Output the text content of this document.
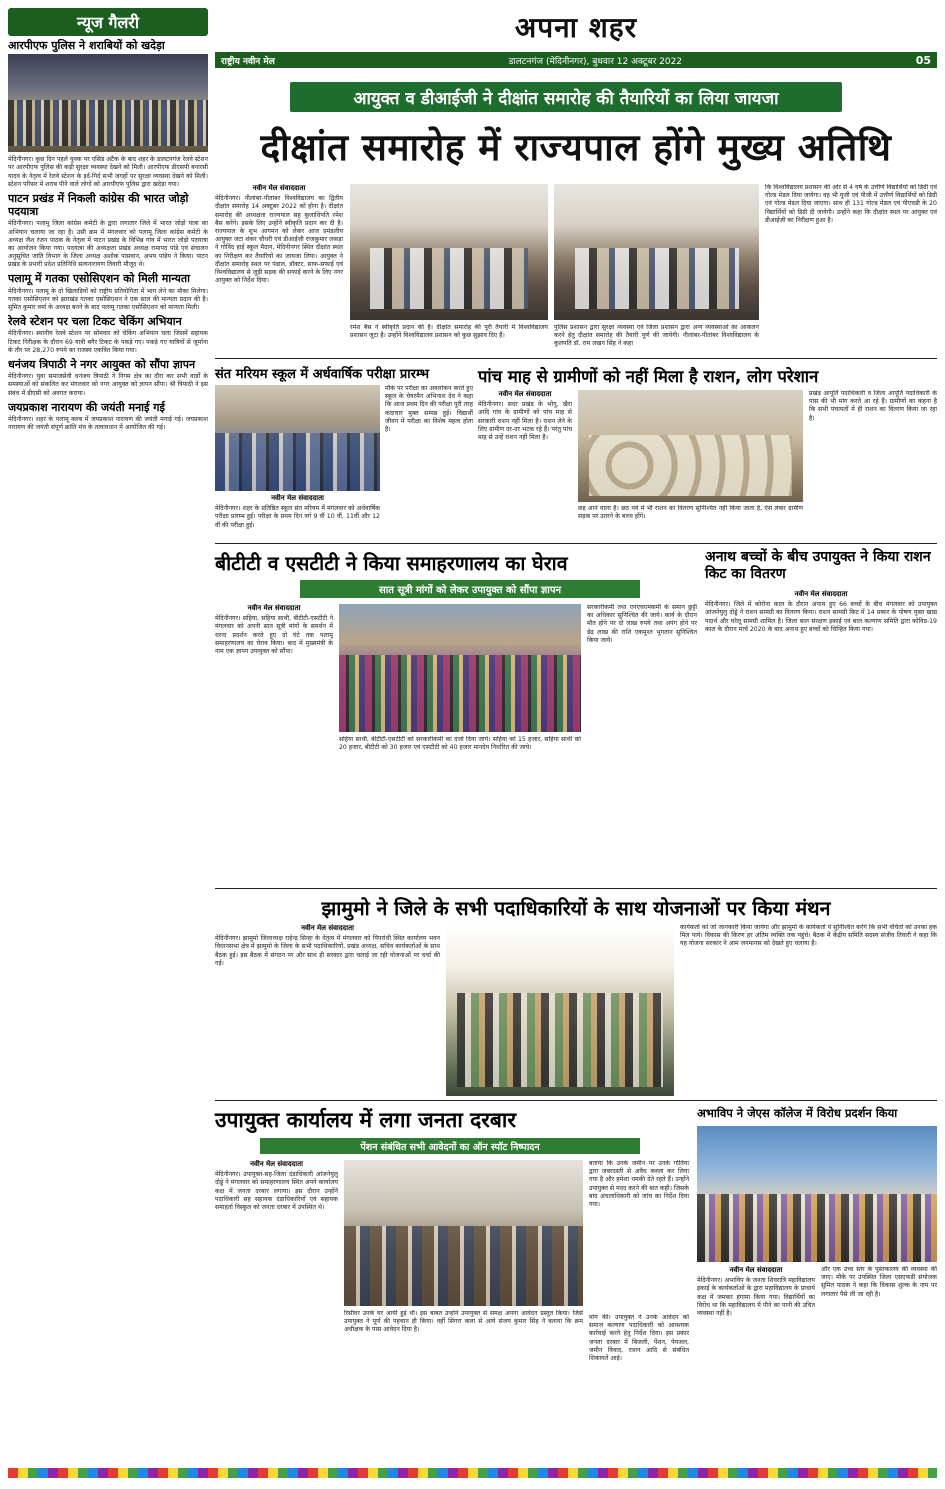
न्यूज गैलरी
आरपीएफ पुलिस ने शराबियों को खदेड़ा

मेदिनीनगर। कुछ दिन पहले युवक पर एसिड अटैक के बाद शहर के डालटनगंज रेलवे स्टेशन पर आरपीएफ पुलिस की कड़ी सुरक्षा व्यवस्था देखने को मिली। आरपीएफ डीएसपी बनारसी यादव के नेतृत्व में रेलवे स्टेशन के इर्द-गिर्द सभी जगहों पर सुरक्षा व्यवस्था देखने को मिली। स्टेशन परिसर में शराब पीने वाले लोगों को आरपीएफ पुलिस द्वारा खदेड़ा गया।

पाटन प्रखंड में निकली कांग्रेस की भारत जोड़ो पदयात्रा

मेदिनीनगर। पलामू जिला कांग्रेस कमेटी के द्वारा लगातार जिले में भारत जोड़ो यात्रा का अभियान चलाया जा रहा है। उसी क्रम में मंगलवार को पलामू जिला कांग्रेस कमेटी के अध्यक्ष जैश रंजन पाठक के नेतृत्व में पाटन प्रखंड के विभिन्न गांव में भारत जोड़ो पदयात्रा का आयोजन किया गया। पदयात्रा की अध्यक्षता प्रखंड अध्यक्ष रामापद पांडे एवं संचालन अनुसूचित जाति विभाग के जिला अध्यक्ष अशोक पासवान, अभय पांडेय ने किया। पाटन प्रखंड के प्रभारी प्रदेश प्रतिनिधि सत्यनारायण तिवारी मौजूद थे।

पलामू में गतका एसोसिएशन को मिली मान्यता

मेदिनीनगर। पलामू के दो खिलाड़ियों को राष्ट्रीय प्रतियोगिता में भाग लेने का मौका मिलेगा। गतका एसोसिएशन को झारखंड गतका एसोसिएशन ने एक साल की मान्यता प्रदान की है। सुमित कुमार वर्मा के अध्यक्ष बनने के बाद पलामू गतका एसोसिएशन को मान्यता मिली।

रेलवे स्टेशन पर चला टिकट चेकिंग अभियान

मेदिनीनगर। स्थानीय रेलवे स्टेशन पर सोमवार को चेकिंग अभियान चला जिसमें सहायक टिकट निरीक्षक के दौरान 69 यात्री बगैर टिकट के पकड़े गए। पकड़े गए यात्रियों से जुर्माना के तौर पर 28,270 रुपये का राजस्व एकत्रित किया गया।

धनंजय त्रिपाठी ने नगर आयुक्त को सौंपा ज्ञापन

मेदिनीनगर। युवा समाजसेवी धनंजय त्रिपाठी ने निगम क्षेत्र का दौरा कर सभी वार्डों के समस्याओं को संकलित कर मंगलवार को नगर आयुक्त को ज्ञापन सौंपा। श्री त्रिपाठी ने इस संबंध में डीएसी को अवगत कराया।

जयप्रकाश नारायण की जयंती मनाई गई

मेदिनीनगर। शहर के पलामू क्लब में जयप्रकाश नारायण की जयंती मनाई गई। जयप्रकाश नारायण की जयंती संपूर्ण क्रांति मंच के तत्वावधान में आयोजित की गई।

अपना शहर
राष्ट्रीय नवीन मेल	डालटनगंज (मेदिनीनगर), बुधवार 12 अक्टूबर 2022	05
आयुक्त व डीआईजी ने दीक्षांत समारोह की तैयारियों का लिया जायजा
दीक्षांत समारोह में राज्यपाल होंगे मुख्य अतिथि
नवीन मेल संवाददाता
मेदिनीनगर। नीलांबर-पीतांबर विश्वविद्यालय का द्वितीय दीक्षांत समारोह 14 अक्टूबर 2022 को होना है। दीक्षांत समारोह की अध्यक्षता राज्यपाल सह कुलाधिपति रमेश बैस करेंगे। इसके लिए उन्होंने स्वीकृति प्रदान कर दी है। राज्यपाल के शुभ आगमन को लेकर आज प्रमंडलीय आयुक्त जटा शंकर चौधरी एवं डीआईजी राजकुमार लकड़ा ने गोविंद हाई स्कूल मैदान, मेदिनीनगर स्थित दीक्षांत स्थल का निरीक्षण कर तैयारियों का जायजा लिया। आयुक्त ने दीक्षांत समारोह स्थल पर पंडाल, डॉक्टर, साफ-सफाई एवं विश्वविद्यालय से जुड़ी सड़क की सफाई करने के लिए नगर आयुक्त को निर्देश दिया।
रमेश बैस ने स्वीकृति प्रदान की है। दीक्षांत समारोह की पूरी तैयारी में विश्वविद्यालय प्रशासन जुटा है। उन्होंने विश्वविद्यालय प्रशासन को कुछ सुझाव दिए हैं।
पुलिस प्रशासन द्वारा सुरक्षा व्यवस्था एवं जिला प्रशासन द्वारा अन्य व्यवस्थाओं का आकलन करने हेतु दीक्षांत समारोह की तैयारी पूर्ण की जायेगी। नीलांबर-पीतांबर विश्वविद्यालय के कुलपति डॉ. राम लखन सिंह ने कहा
कि विश्वविद्यालय प्रशासन की ओर से 4 वर्ष के उत्तीर्ण विद्यार्थियों को डिग्री एवं गोल्ड मेडल दिया जायेगा। वह भी यूजी एवं पीजी में उत्तीर्ण विद्यार्थियों को डिग्री एवं गोल्ड मेडल दिया जाएगा। साथ ही 131 गोल्ड मेडल एवं पीएचडी के 20 विद्यार्थियों को डिग्री दी जायेगी। उन्होंने कहा कि दीक्षांत स्थल पर आयुक्त एवं डीआईजी का निरीक्षण हुआ है।
संत मरियम स्कूल में अर्धवार्षिक परीक्षा प्रारम्भ
मौके पर परीक्षा का अवलोकन करते हुए स्कूल के चेयरमैन अभिनाश देव ने कहा कि आज प्रथम दिन की परीक्षा पूरी तरह कदाचार मुक्त सम्पन्न हुई। विद्यार्थी जीवन में परीक्षा का विशेष महत्व होता है।
नवीन मेल संवाददाता
मेदिनीनगर। शहर के प्रतिष्ठित स्कूल संत मरियम में मंगलवार को अर्धवार्षिक परीक्षा प्रारम्भ हुई। परीक्षा के प्रथम दिन वर्ग 9 वीं 10 वीं, 11वीं और 12 वीं की परीक्षा हुई।
पांच माह से ग्रामीणों को नहीं मिला है राशन, लोग परेशान
नवीन मेल संवाददाता
मेदिनीनगर। सदर प्रखंड के भोगु, खैरा आदि गांव के ग्रामीणों को पांच माह से सरकारी राशन नहीं मिला है। राशन लेने के लिए ग्रामीण दर-दर भटक रहे हैं। परंतु पांच माह से उन्हें राशन नहीं मिला है।
छह आने वाला है। छठ पर्व में भी राशन का वितरण सुनिश्चित नहीं किया जाता है, ऐसे लेकर ग्रामीण सड़क पर उतरने के बाध्य होंगे।
प्रखंड आपूर्ति पदाधिकारी व जिला आपूर्ति पदाधिकारी के पास की भी मांग करते आ रहे हैं। ग्रामीणों का कहना है कि सभी पंचायतों में ही राशन का वितरण किया जा रहा है।
बीटीटी व एसटीटी ने किया समाहरणालय का घेराव
सात सूत्री मांगों को लेकर उपायुक्त को सौंपा ज्ञापन
नवीन मेल संवाददाता
मेदिनीनगर। सहिया, सहिया साथी, बीटीटी-एसटीटी ने मंगलवार को अपनी सात सूत्री मांगों के समर्थन में धरना प्रदर्शन करते हुए दो घंटे तक पलामू समाहरणालय का घेराव किया। बाद में मुख्यमंत्री के नाम एक ज्ञापन उपायुक्त को सौंपा।
सहिया साथी, बीटीटी-एसटीटी को सरकारीकर्मी का दर्जा दिया जाये। सहिया को 15 हजार, सहिया साथी को 20 हजार, बीटीटी को 30 हजार एवं एसटीटी को 40 हजार मानदेय निर्धारित की जाये।
सरकारीकर्मी तथा एनएचएमकर्मी के समान छुट्टी का अधिकार सुनिश्चित की जाये। कार्य के दौरान मौत होने पर दो लाख रुपये तथा अपंग होने पर डेढ़ लाख की राशि एकमुश्त भुगतान सुनिश्चित किया जाये।
अनाथ बच्चों के बीच उपायुक्त ने किया राशन किट का वितरण
नवीन मेल संवाददाता
मेदिनीनगर। जिले में कोरोना काल के दौरान अनाथ हुए 66 बच्चों के बीच मंगलवार को उपायुक्त आंजनेयुलु दोड्डे ने राशन सामग्री का वितरण किया। राशन सामग्री किट में 14 प्रकार के पोषण युक्त खाद्य पदार्थ और घरेलू सामग्री शामिल है। जिला बाल संरक्षण इकाई एवं बाल कल्याण समिति द्वारा कोविड-19 काल के दौरान मार्च 2020 के बाद अनाथ हुए बच्चों को चिन्हित किया गया।
झामुमो ने जिले के सभी पदाधिकारियों के साथ योजनाओं पर किया मंथन
नवीन मेल संवाददाता
मेदिनीनगर। झामुमो जिलाध्यक्ष राहेन्द्र सिन्हा के नेतृत्व में मंगलवार को पिपरांधी स्थित कार्यालय भवन विधानसभा क्षेत्र में झामुमो के जिला के सभी पदाधिकारियों, प्रखंड अध्यक्ष, सचिव कार्यकर्ताओं के साथ बैठक हुई। इस बैठक में संगठन पर और साथ ही सरकार द्वारा चलाई जा रही योजनाओं पर चर्चा की गई।
कार्यकर्ता को जो जानकारी किया जायेगा और झामुमो के कार्यकर्ता ये सुनिश्चित करेंगे कि सभी वंचितों को उनका हक मिल पाये। विकास की किरण हर अंतिम व्यक्ति तक पहुंचे। बैठक में केंद्रीय समिति सदस्य संजीव तिवारी ने कहा कि यह योजना सरकार ने आम जनमानस को देखते हुए चलाया है।
उपायुक्त कार्यालय में लगा जनता दरबार
पेंशन संबंधित सभी आवेदनों का ऑन स्पॉट निष्पादन
नवीन मेल संवाददाता
मेदिनीनगर। उपायुक्त-सह-जिला दंडाधिकारी आंजनेयुलु दोड्डे ने मंगलवार को समाहरणालय स्थित अपने कार्यालय कक्ष में जनता दरबार लगाया। इस दौरान उन्होंने पदाधिकारी सह सहायक दंडाधिकारियों एवं सहायक समाहर्ता विस्कुल को जनता दरबार में उपस्थित थे।
रिसीवर उनके घर आयी हुई थी। इस बाबत उन्होंने उपायुक्त से समक्ष अपना आवेदन प्रस्तुत किया। जिसे उपायुक्त ने पूर्ण की पहचान ही किया। वहीं सिंगरा कला से आये संजय कुमार सिंह ने बताया कि क्रम अधीक्षक के पास आवेदन दिया है।
बताया कि उनके जमीन पर उनके गोतिया द्वारा जबरदस्ती से अवैध कब्जा कर लिया गया है और हमेशा धमकी देते रहते हैं। उन्होंने उपायुक्त से मदद करने की बात कही। जिसके बाद अंचलाधिकारी को जांच का निर्देश दिया गया।
मांग की। उपायुक्त ने उनके आवेदन को समाज कल्याण पदाधिकारी को आवश्यक कार्रवाई करने हेतु निर्देश दिया। इस प्रकार जनता दरबार में बिजली, पेंशन, पेयजल, जमीन विवाद, राशन आदि से संबंधित शिकायतें आई।
अभाविप ने जेएस कॉलेज में विरोध प्रदर्शन किया
नवीन मेल संवाददाता
मेदिनीनगर। अभाविप के जनता शिवरात्रि महाविद्यालय इकाई के कार्यकर्ताओं के द्वारा महाविद्यालय के प्राचार्य कक्ष में जमकर हंगामा किया गया। विद्यार्थियों का विरोध था कि महाविद्यालय में पीने का पानी की उचित व्यवस्था नहीं है।
और एक उच्च स्तर के पुस्तकालय की व्यवस्था की जाए। मौके पर उपस्थित जिला एसएफडी संयोजक सुमित पाठक ने कहा कि विकास शुल्क के नाम पर लगातार पैसे ली जा रही है।
